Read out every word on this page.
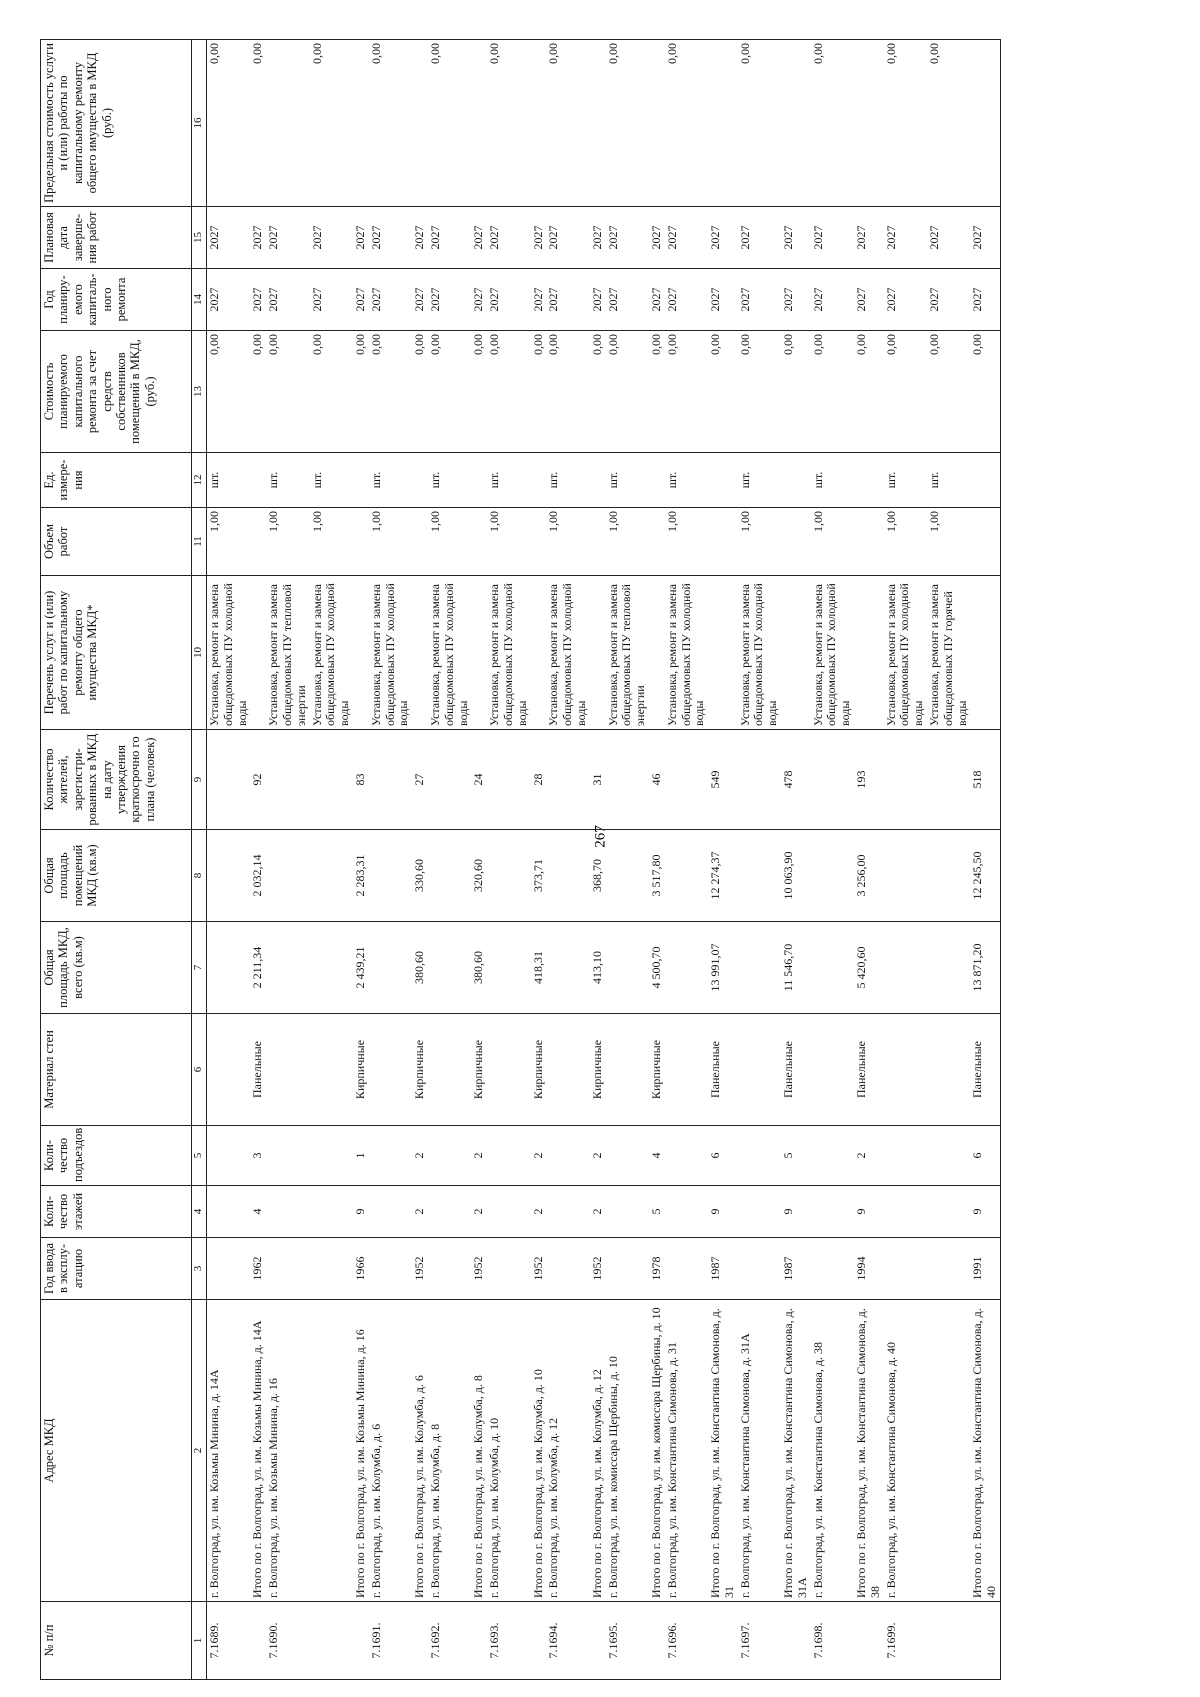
267
№ п/п	Адрес МКД	Год ввода в эксплу-атацию	Коли-чество этажей	Коли-чество подъездов	Материал стен	Общая площадь МКД, всего (кв.м)	Общая площадь помещений МКД (кв.м)	Количество жителей, зарегистри-рованных в МКД на дату утверждения краткосрочно го плана (человек)	Перечень услуг и (или) работ по капитальному ремонту общего имущества МКД*	Объем работ	Ед. измере-ния	Стоимость планируемого капитального ремонта за счет средств собственников помещений в МКД, (руб.)	Год планиру-емого капиталь-ного ремонта	Плановая дата заверше-ния работ	Предельная стоимость услуги и (или) работы по капитальному ремонту общего имущества в МКД (руб.)
1	2	3	4	5	6	7	8	9	10	11	12	13	14	15	16
7.1689.	г. Волгоград, ул. им. Козьмы Минина, д. 14А								Установка, ремонт и замена общедомовых ПУ холодной воды	1,00	шт.	0,00	2027	2027	0,00
	Итого по г. Волгоград, ул. им. Козьмы Минина, д. 14А	1962	4	3	Панельные	2 211,34	2 032,14	92				0,00	2027	2027	0,00
7.1690.	г. Волгоград, ул. им. Козьмы Минина, д. 16								Установка, ремонт и замена общедомовых ПУ тепловой энергии	1,00	шт.	0,00	2027	2027	
									Установка, ремонт и замена общедомовых ПУ холодной воды	1,00	шт.	0,00	2027	2027	0,00
	Итого по г. Волгоград, ул. им. Козьмы Минина, д. 16	1966	9	1	Кирпичные	2 439,21	2 283,31	83				0,00	2027	2027	
7.1691.	г. Волгоград, ул. им. Колумба, д. 6								Установка, ремонт и замена общедомовых ПУ холодной воды	1,00	шт.	0,00	2027	2027	0,00
	Итого по г. Волгоград, ул. им. Колумба, д. 6	1952	2	2	Кирпичные	380,60	330,60	27				0,00	2027	2027	
7.1692.	г. Волгоград, ул. им. Колумба, д. 8								Установка, ремонт и замена общедомовых ПУ холодной воды	1,00	шт.	0,00	2027	2027	0,00
	Итого по г. Волгоград, ул. им. Колумба, д. 8	1952	2	2	Кирпичные	380,60	320,60	24				0,00	2027	2027	
7.1693.	г. Волгоград, ул. им. Колумба, д. 10								Установка, ремонт и замена общедомовых ПУ холодной воды	1,00	шт.	0,00	2027	2027	0,00
	Итого по г. Волгоград, ул. им. Колумба, д. 10	1952	2	2	Кирпичные	418,31	373,71	28				0,00	2027	2027	
7.1694.	г. Волгоград, ул. им. Колумба, д. 12								Установка, ремонт и замена общедомовых ПУ холодной воды	1,00	шт.	0,00	2027	2027	0,00
	Итого по г. Волгоград, ул. им. Колумба, д. 12	1952	2	2	Кирпичные	413,10	368,70	31				0,00	2027	2027	
7.1695.	г. Волгоград, ул. им. комиссара Щербины, д. 10								Установка, ремонт и замена общедомовых ПУ тепловой энергии	1,00	шт.	0,00	2027	2027	0,00
	Итого по г. Волгоград, ул. им. комиссара Щербины, д. 10	1978	5	4	Кирпичные	4 500,70	3 517,80	46				0,00	2027	2027	
7.1696.	г. Волгоград, ул. им. Константина Симонова, д. 31								Установка, ремонт и замена общедомовых ПУ холодной воды	1,00	шт.	0,00	2027	2027	0,00
	Итого по г. Волгоград, ул. им. Константина Симонова, д. 31	1987	9	6	Панельные	13 991,07	12 274,37	549				0,00	2027	2027	
7.1697.	г. Волгоград, ул. им. Константина Симонова, д. 31А								Установка, ремонт и замена общедомовых ПУ холодной воды	1,00	шт.	0,00	2027	2027	0,00
	Итого по г. Волгоград, ул. им. Константина Симонова, д. 31А	1987	9	5	Панельные	11 546,70	10 063,90	478				0,00	2027	2027	
7.1698.	г. Волгоград, ул. им. Константина Симонова, д. 38								Установка, ремонт и замена общедомовых ПУ холодной воды	1,00	шт.	0,00	2027	2027	0,00
	Итого по г. Волгоград, ул. им. Константина Симонова, д. 38	1994	9	2	Панельные	5 420,60	3 256,00	193				0,00	2027	2027	
7.1699.	г. Волгоград, ул. им. Константина Симонова, д. 40								Установка, ремонт и замена общедомовых ПУ холодной воды	1,00	шт.	0,00	2027	2027	0,00
									Установка, ремонт и замена общедомовых ПУ горячей воды	1,00	шт.	0,00	2027	2027	0,00
	Итого по г. Волгоград, ул. им. Константина Симонова, д. 40	1991	9	6	Панельные	13 871,20	12 245,50	518				0,00	2027	2027	
